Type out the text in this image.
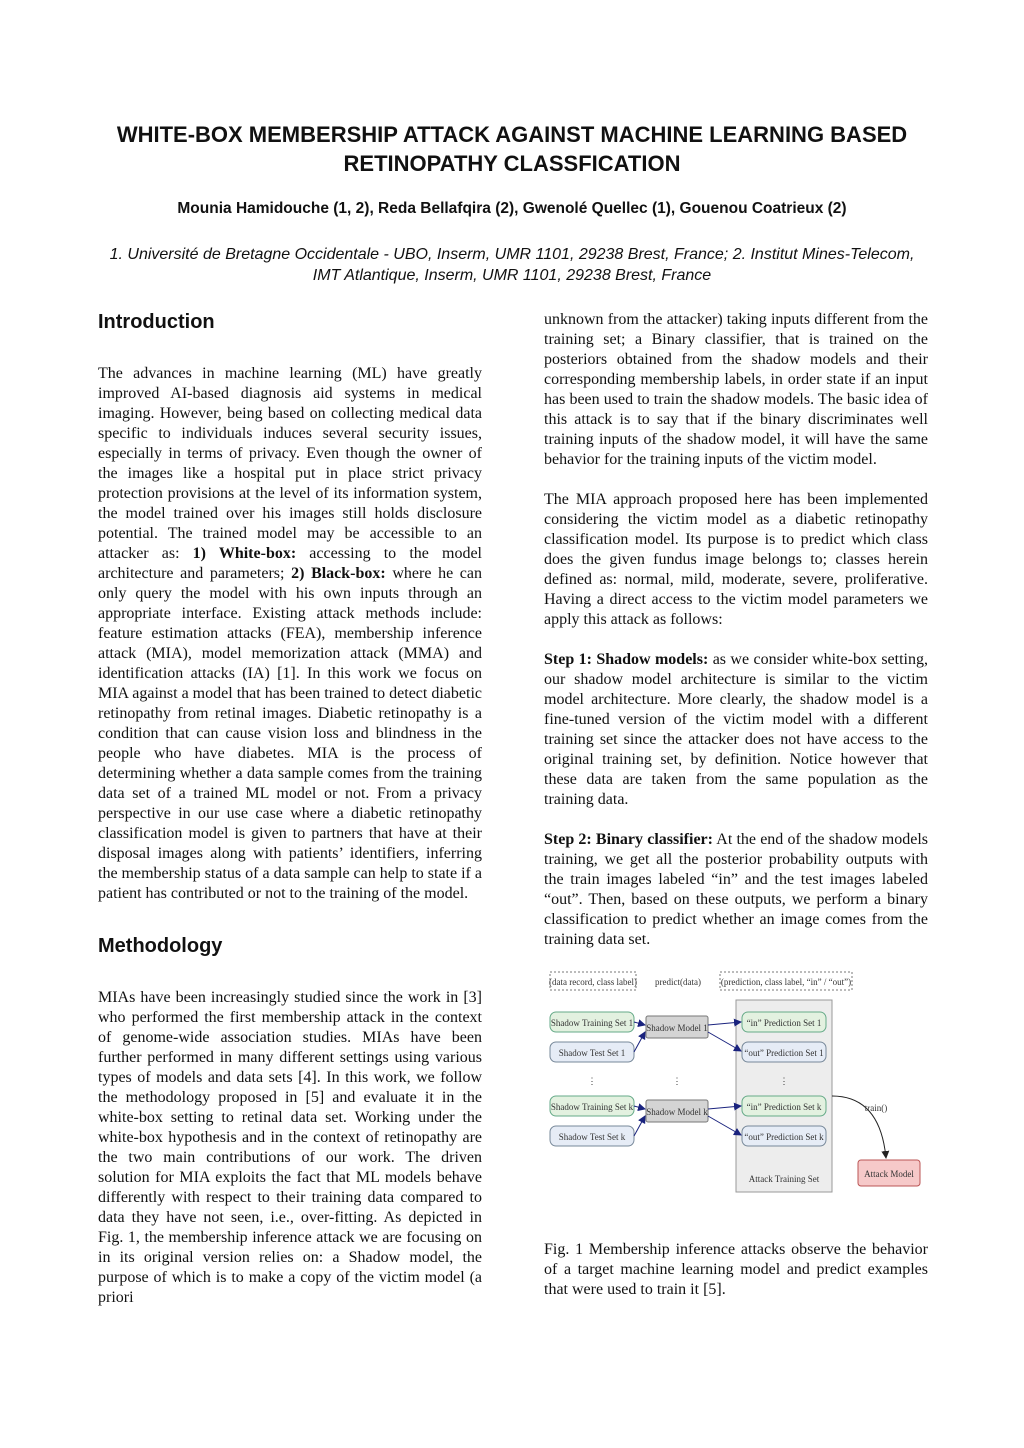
WHITE-BOX MEMBERSHIP ATTACK AGAINST MACHINE LEARNING BASED RETINOPATHY CLASSFICATION
Mounia Hamidouche (1, 2), Reda Bellafqira (2), Gwenolé Quellec (1), Gouenou Coatrieux (2)
1. Université de Bretagne Occidentale - UBO, Inserm, UMR 1101, 29238 Brest, France; 2. Institut Mines-Telecom, IMT Atlantique, Inserm, UMR 1101, 29238 Brest, France
Introduction

The advances in machine learning (ML) have greatly improved AI-based diagnosis aid systems in medical imaging. However, being based on collecting medical data specific to individuals induces several security issues, especially in terms of privacy. Even though the owner of the images like a hospital put in place strict privacy protection provisions at the level of its information system, the model trained over his images still holds disclosure potential. The trained model may be accessible to an attacker as: 1) White-box: accessing to the model architecture and parameters; 2) Black-box: where he can only query the model with his own inputs through an appropriate interface. Existing attack methods include: feature estimation attacks (FEA), membership inference attack (MIA), model memorization attack (MMA) and identification attacks (IA) [1]. In this work we focus on MIA against a model that has been trained to detect diabetic retinopathy from retinal images. Diabetic retinopathy is a condition that can cause vision loss and blindness in the people who have diabetes. MIA is the process of determining whether a data sample comes from the training data set of a trained ML model or not. From a privacy perspective in our use case where a diabetic retinopathy classification model is given to partners that have at their disposal images along with patients’ identifiers, inferring the membership status of a data sample can help to state if a patient has contributed or not to the training of the model.

Methodology

MIAs have been increasingly studied since the work in [3] who performed the first membership attack in the context of genome-wide association studies. MIAs have been further performed in many different settings using various types of models and data sets [4]. In this work, we follow the methodology proposed in [5] and evaluate it in the white-box setting to retinal data set. Working under the white-box hypothesis and in the context of retinopathy are the two main contributions of our work. The driven solution for MIA exploits the fact that ML models behave differently with respect to their training data compared to data they have not seen, i.e., over-fitting. As depicted in Fig. 1, the membership inference attack we are focusing on in its original version relies on: a Shadow model, the purpose of which is to make a copy of the victim model (a priori

unknown from the attacker) taking inputs different from the training set; a Binary classifier, that is trained on the posteriors obtained from the shadow models and their corresponding membership labels, in order state if an input has been used to train the shadow models. The basic idea of this attack is to say that if the binary discriminates well training inputs of the shadow model, it will have the same behavior for the training inputs of the victim model.

The MIA approach proposed here has been implemented considering the victim model as a diabetic retinopathy classification model. Its purpose is to predict which class does the given fundus image belongs to; classes herein defined as: normal, mild, moderate, severe, proliferative. Having a direct access to the victim model parameters we apply this attack as follows:

Step 1: Shadow models: as we consider white-box setting, our shadow model architecture is similar to the victim model architecture. More clearly, the shadow model is a fine-tuned version of the victim model with a different training set since the attacker does not have access to the original training set, by definition. Notice however that these data are taken from the same population as the training data.

Step 2: Binary classifier: At the end of the shadow models training, we get all the posterior probability outputs with the train images labeled “in” and the test images labeled “out”. Then, based on these outputs, we perform a binary classification to predict whether an image comes from the training data set.

(data record, class label) predict(data) (prediction, class label, “in” / “out”)
Attack Training Set
Shadow Training Set 1
Shadow Test Set 1
Shadow Model 1	“in” Prediction Set 1
“out” Prediction Set 1
⋮	⋮	⋮
Shadow Training Set k
Shadow Test Set k
Shadow Model k	“in” Prediction Set k
“out” Prediction Set k
train()
Attack Model

Fig. 1 Membership inference attacks observe the behavior of a target machine learning model and predict examples that were used to train it [5].
